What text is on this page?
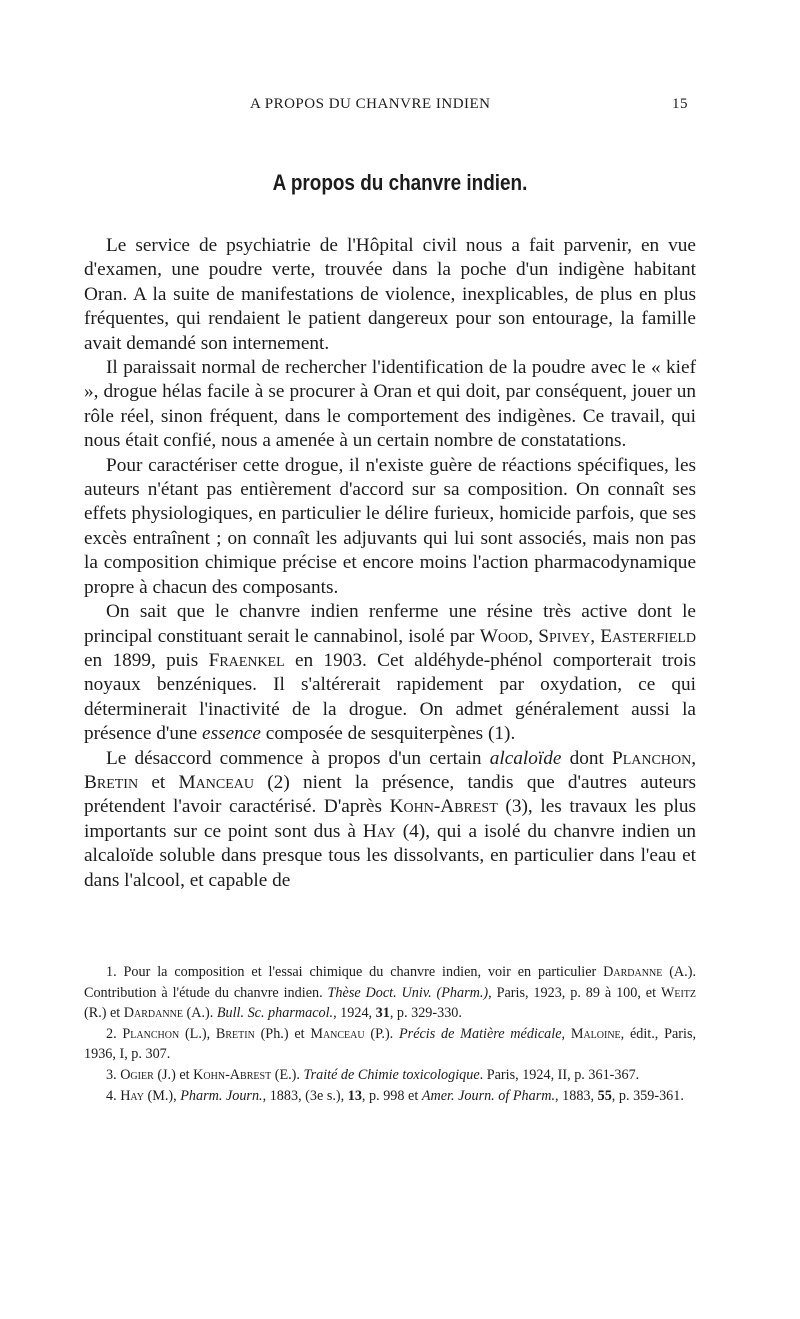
A PROPOS DU CHANVRE INDIEN	15
A propos du chanvre indien.

Le service de psychiatrie de l'Hôpital civil nous a fait parvenir, en vue d'examen, une poudre verte, trouvée dans la poche d'un indigène habitant Oran. A la suite de manifestations de violence, inexplicables, de plus en plus fréquentes, qui rendaient le patient dangereux pour son entourage, la famille avait demandé son internement.

Il paraissait normal de rechercher l'identification de la poudre avec le « kief », drogue hélas facile à se procurer à Oran et qui doit, par conséquent, jouer un rôle réel, sinon fréquent, dans le comportement des indigènes. Ce travail, qui nous était confié, nous a amenée à un certain nombre de constatations.

Pour caractériser cette drogue, il n'existe guère de réactions spécifiques, les auteurs n'étant pas entièrement d'accord sur sa composition. On connaît ses effets physiologiques, en particulier le délire furieux, homicide parfois, que ses excès entraînent ; on connaît les adjuvants qui lui sont associés, mais non pas la composition chimique précise et encore moins l'action pharmacodynamique propre à chacun des composants.

On sait que le chanvre indien renferme une résine très active dont le principal constituant serait le cannabinol, isolé par Wood, Spivey, Easterfield en 1899, puis Fraenkel en 1903. Cet aldéhyde-phénol comporterait trois noyaux benzéniques. Il s'altérerait rapidement par oxydation, ce qui déterminerait l'inactivité de la drogue. On admet généralement aussi la présence d'une essence composée de sesquiterpènes (1).

Le désaccord commence à propos d'un certain alcaloïde dont Planchon, Bretin et Manceau (2) nient la présence, tandis que d'autres auteurs prétendent l'avoir caractérisé. D'après Kohn-Abrest (3), les travaux les plus importants sur ce point sont dus à Hay (4), qui a isolé du chanvre indien un alcaloïde soluble dans presque tous les dissolvants, en particulier dans l'eau et dans l'alcool, et capable de

1. Pour la composition et l'essai chimique du chanvre indien, voir en particulier Dardanne (A.). Contribution à l'étude du chanvre indien. Thèse Doct. Univ. (Pharm.), Paris, 1923, p. 89 à 100, et Weitz (R.) et Dardanne (A.). Bull. Sc. pharmacol., 1924, 31, p. 329-330.

2. Planchon (L.), Bretin (Ph.) et Manceau (P.). Précis de Matière médicale, Maloine, édit., Paris, 1936, I, p. 307.

3. Ogier (J.) et Kohn-Abrest (E.). Traité de Chimie toxicologique. Paris, 1924, II, p. 361-367.

4. Hay (M.), Pharm. Journ., 1883, (3e s.), 13, p. 998 et Amer. Journ. of Pharm., 1883, 55, p. 359-361.
